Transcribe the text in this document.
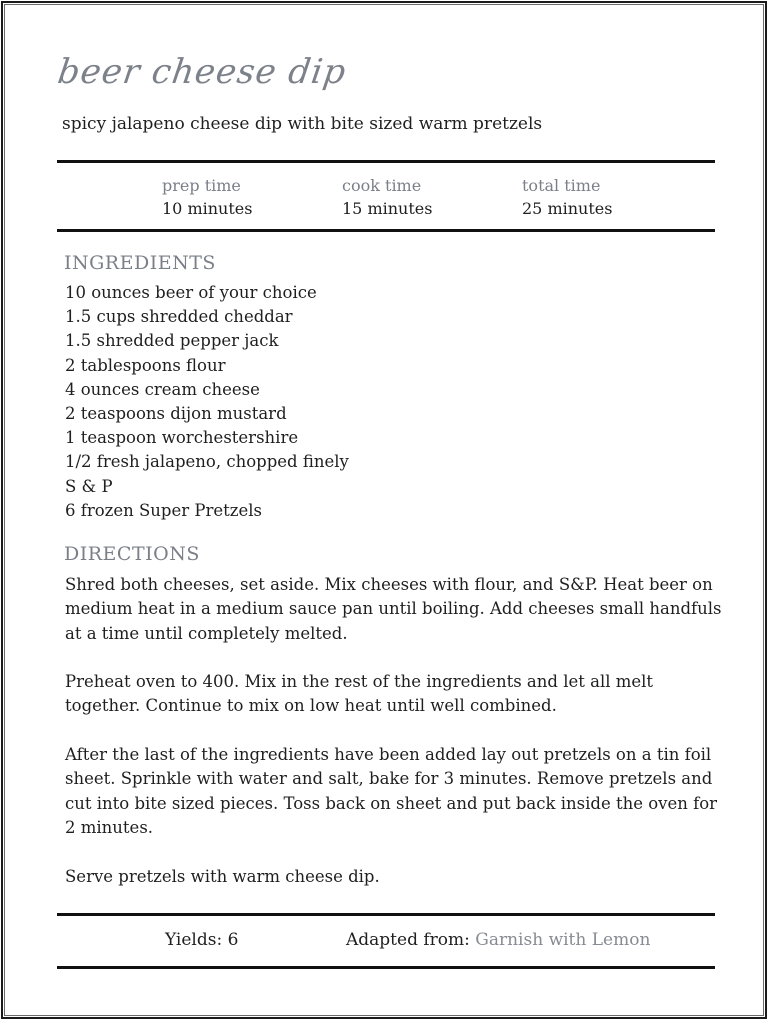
beer cheese dip
spicy jalapeno cheese dip with bite sized warm pretzels
prep time
10 minutes
cook time
15 minutes
total time
25 minutes
INGREDIENTS
10 ounces beer of your choice
1.5 cups shredded cheddar
1.5 shredded pepper jack
2 tablespoons flour
4 ounces cream cheese
2 teaspoons dijon mustard
1 teaspoon worchestershire
1/2 fresh jalapeno, chopped finely
S & P
6 frozen Super Pretzels
DIRECTIONS

Shred both cheeses, set aside. Mix cheeses with flour, and S&P. Heat beer on medium heat in a medium sauce pan until boiling. Add cheeses small handfuls at a time until completely melted.

Preheat oven to 400. Mix in the rest of the ingredients and let all melt together. Continue to mix on low heat until well combined.

After the last of the ingredients have been added lay out pretzels on a tin foil sheet. Sprinkle with water and salt, bake for 3 minutes. Remove pretzels and cut into bite sized pieces. Toss back on sheet and put back inside the oven for 2 minutes.

Serve pretzels with warm cheese dip.

Yields: 6	Adapted from: Garnish with Lemon
